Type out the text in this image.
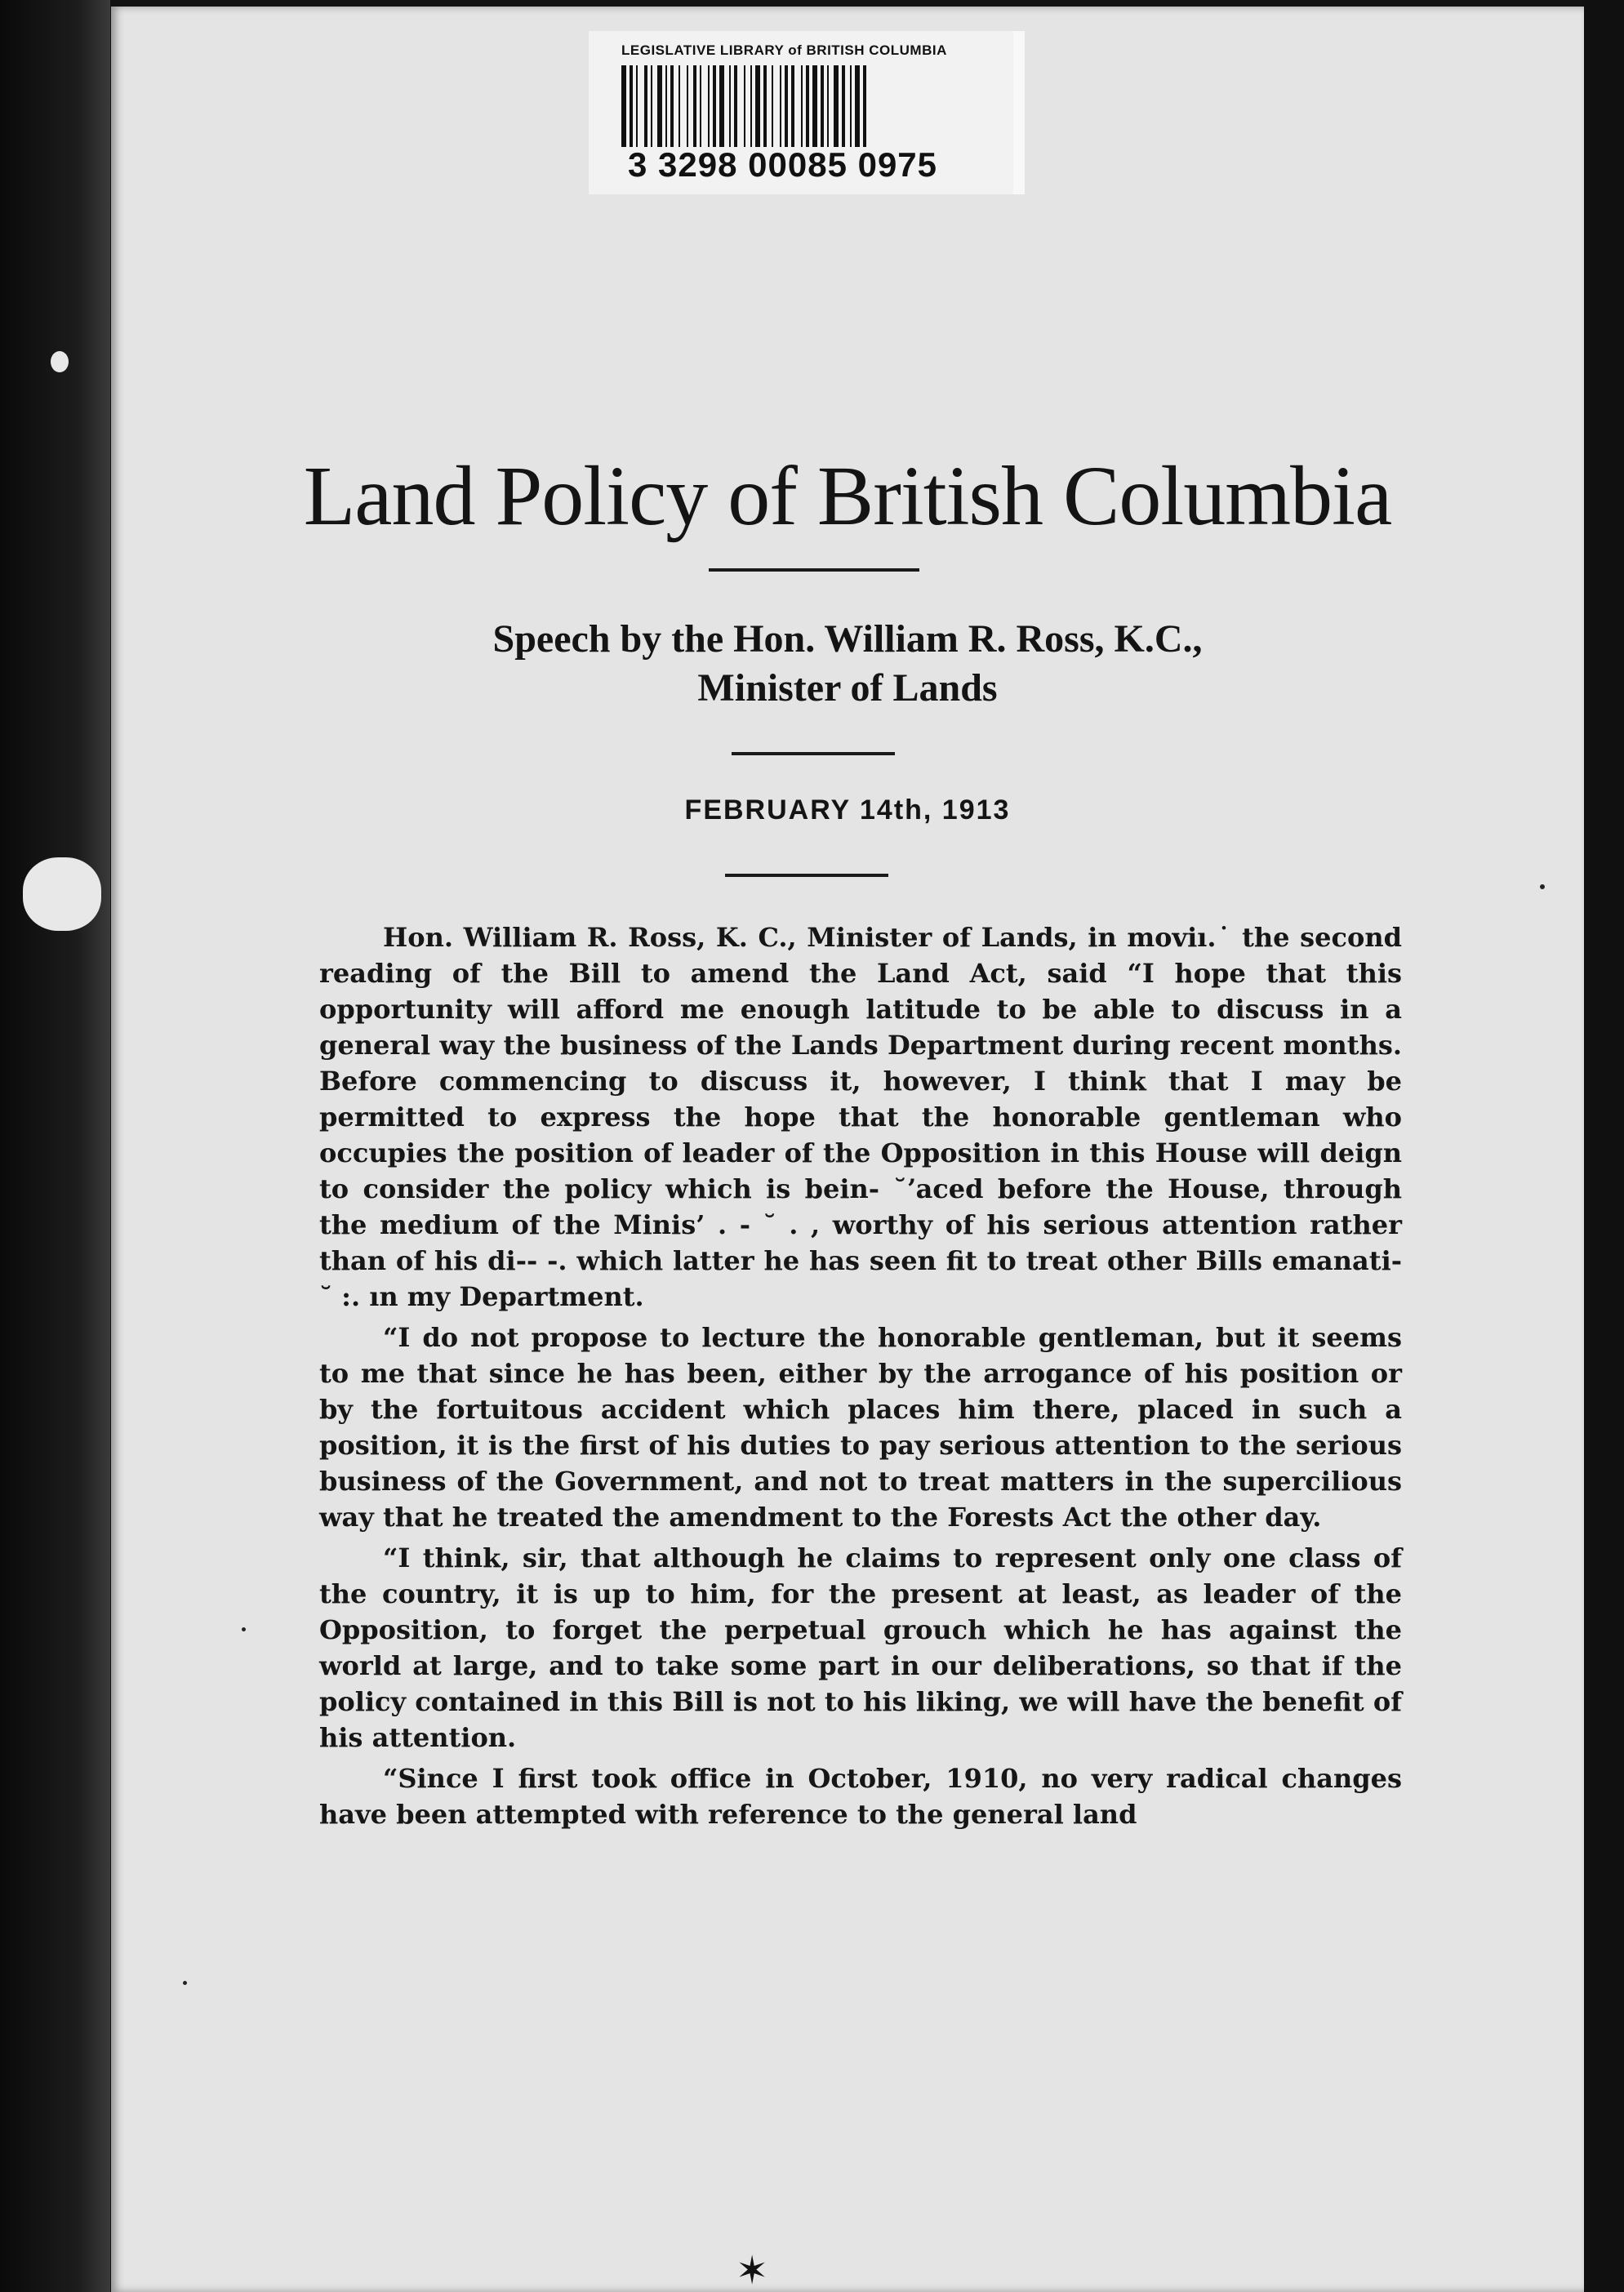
LEGISLATIVE LIBRARY of BRITISH COLUMBIA
3 3298 00085 0975
Land Policy of British Columbia
Speech by the Hon. William R. Ross, K.C.,
Minister of Lands
FEBRUARY 14th, 1913

Hon. William R. Ross, K. C., Minister of Lands, in moviı.˙ the second reading of the Bill to amend the Land Act, said “I hope that this opportunity will afford me enough latitude to be able to discuss in a general way the business of the Lands Department during recent months. Before commencing to discuss it, however, I think that I may be permitted to express the hope that the honorable gentleman who occupies the position of leader of the Opposition in this House will deign to consider the policy which is bein‐ ˘ʼaced before the House, through the medium of the Minis’ . ‐ ˘ . , worthy of his serious attention rather than of his di‐‐ ‐. which latter he has seen fit to treat other Bills emanati‐ ˘ :. ın my Department.

“I do not propose to lecture the honorable gentleman, but it seems to me that since he has been, either by the arrogance of his position or by the fortuitous accident which places him there, placed in such a position, it is the first of his duties to pay serious attention to the serious business of the Government, and not to treat matters in the supercilious way that he treated the amendment to the Forests Act the other day.

“I think, sir, that although he claims to represent only one class of the country, it is up to him, for the present at least, as leader of the Opposition, to forget the perpetual grouch which he has against the world at large, and to take some part in our deliberations, so that if the policy contained in this Bill is not to his liking, we will have the benefit of his attention.

“Since I first took office in October, 1910, no very radical changes have been attempted with reference to the general land

✶
